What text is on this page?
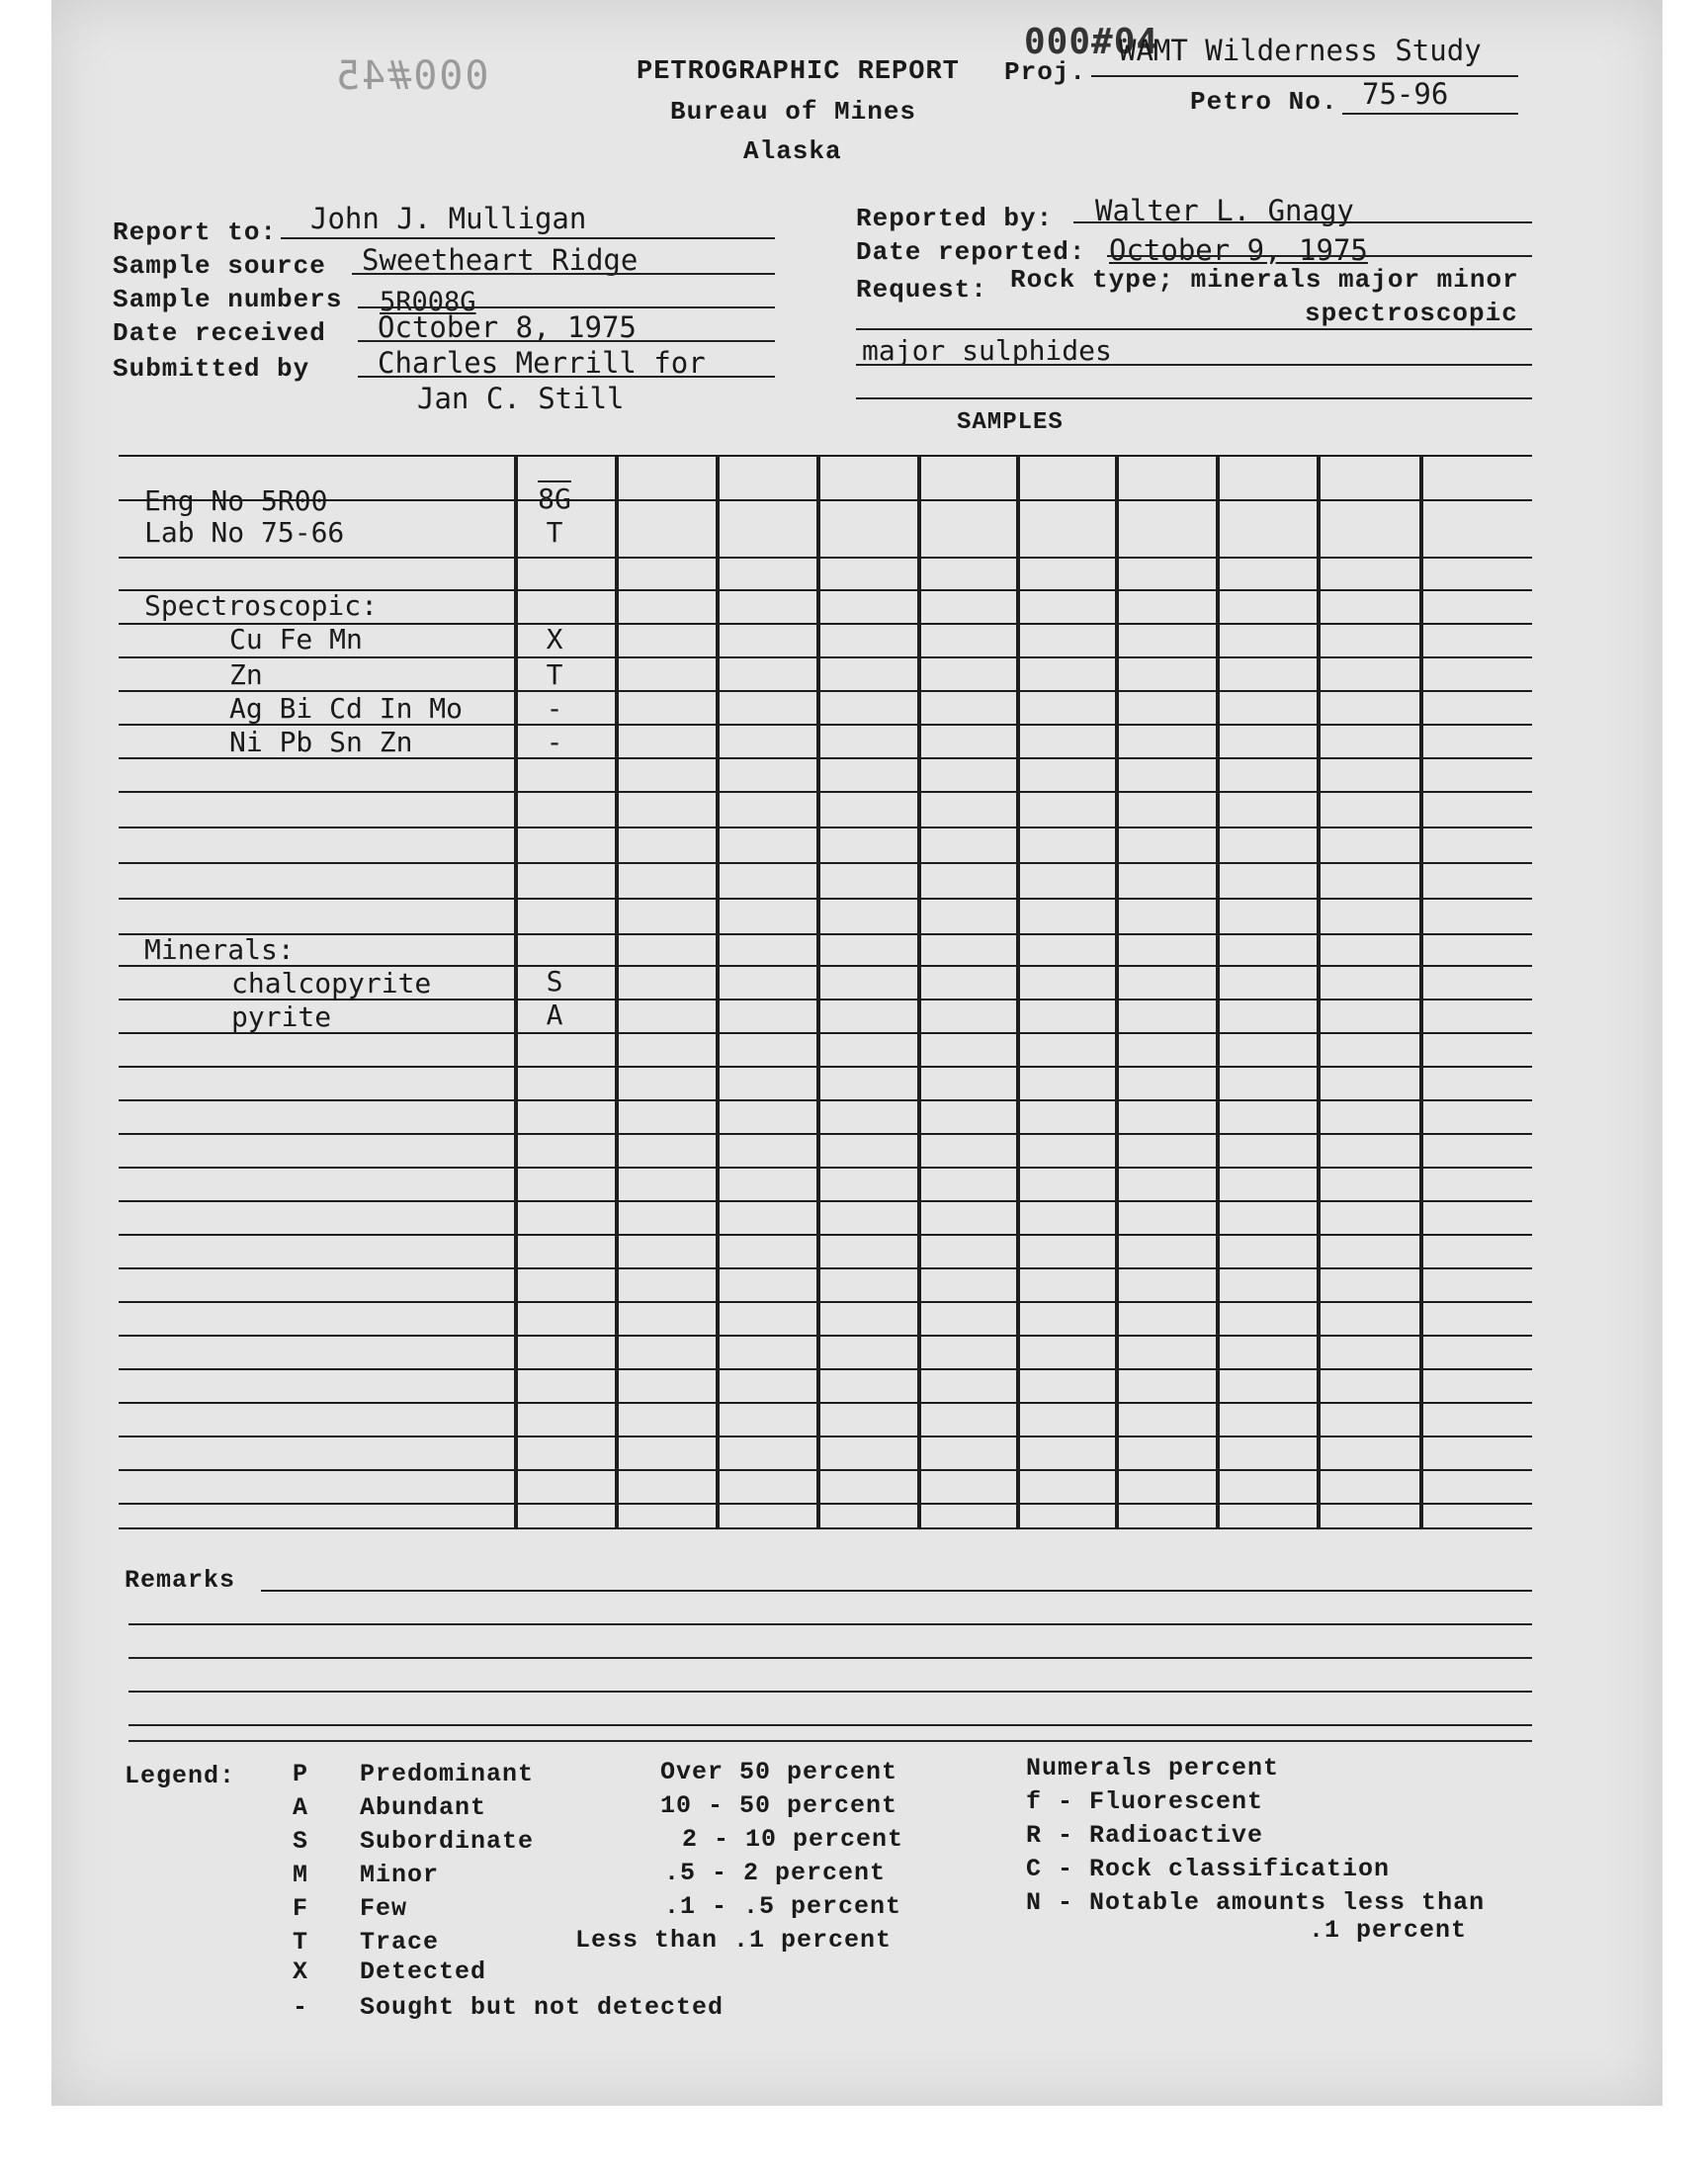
000#45
000#04
PETROGRAPHIC REPORT
Bureau of Mines
Alaska
Proj.
WAMT Wilderness Study
Petro No. 75-96
Report to: John J. Mulligan
Sample source Sweetheart Ridge
Sample numbers 5R008G
Date received October 8, 1975
Submitted by Charles Merrill for
Jan C. Still
Reported by: Walter L. Gnagy
Date reported: October 9, 1975
Request: Rock type; minerals major minor
spectroscopic
major sulphides
SAMPLES
Eng No 5R00	8G
Lab No 75-66	T
Spectroscopic:
Cu Fe Mn	X
Zn	T
Ag Bi Cd In Mo	-
Ni Pb Sn Zn	-
Minerals:
chalcopyrite	S
pyrite	A
Remarks
Legend: P Predominant	Over 50 percent
A Abundant	10 - 50 percent
S Subordinate	2 - 10 percent
M Minor	.5 - 2 percent
F Few	.1 - .5 percent
T Trace	Less than .1 percent
X Detected
- Sought but not detected
Numerals percent
f - Fluorescent
R - Radioactive
C - Rock classification
N - Notable amounts less than
.1 percent
